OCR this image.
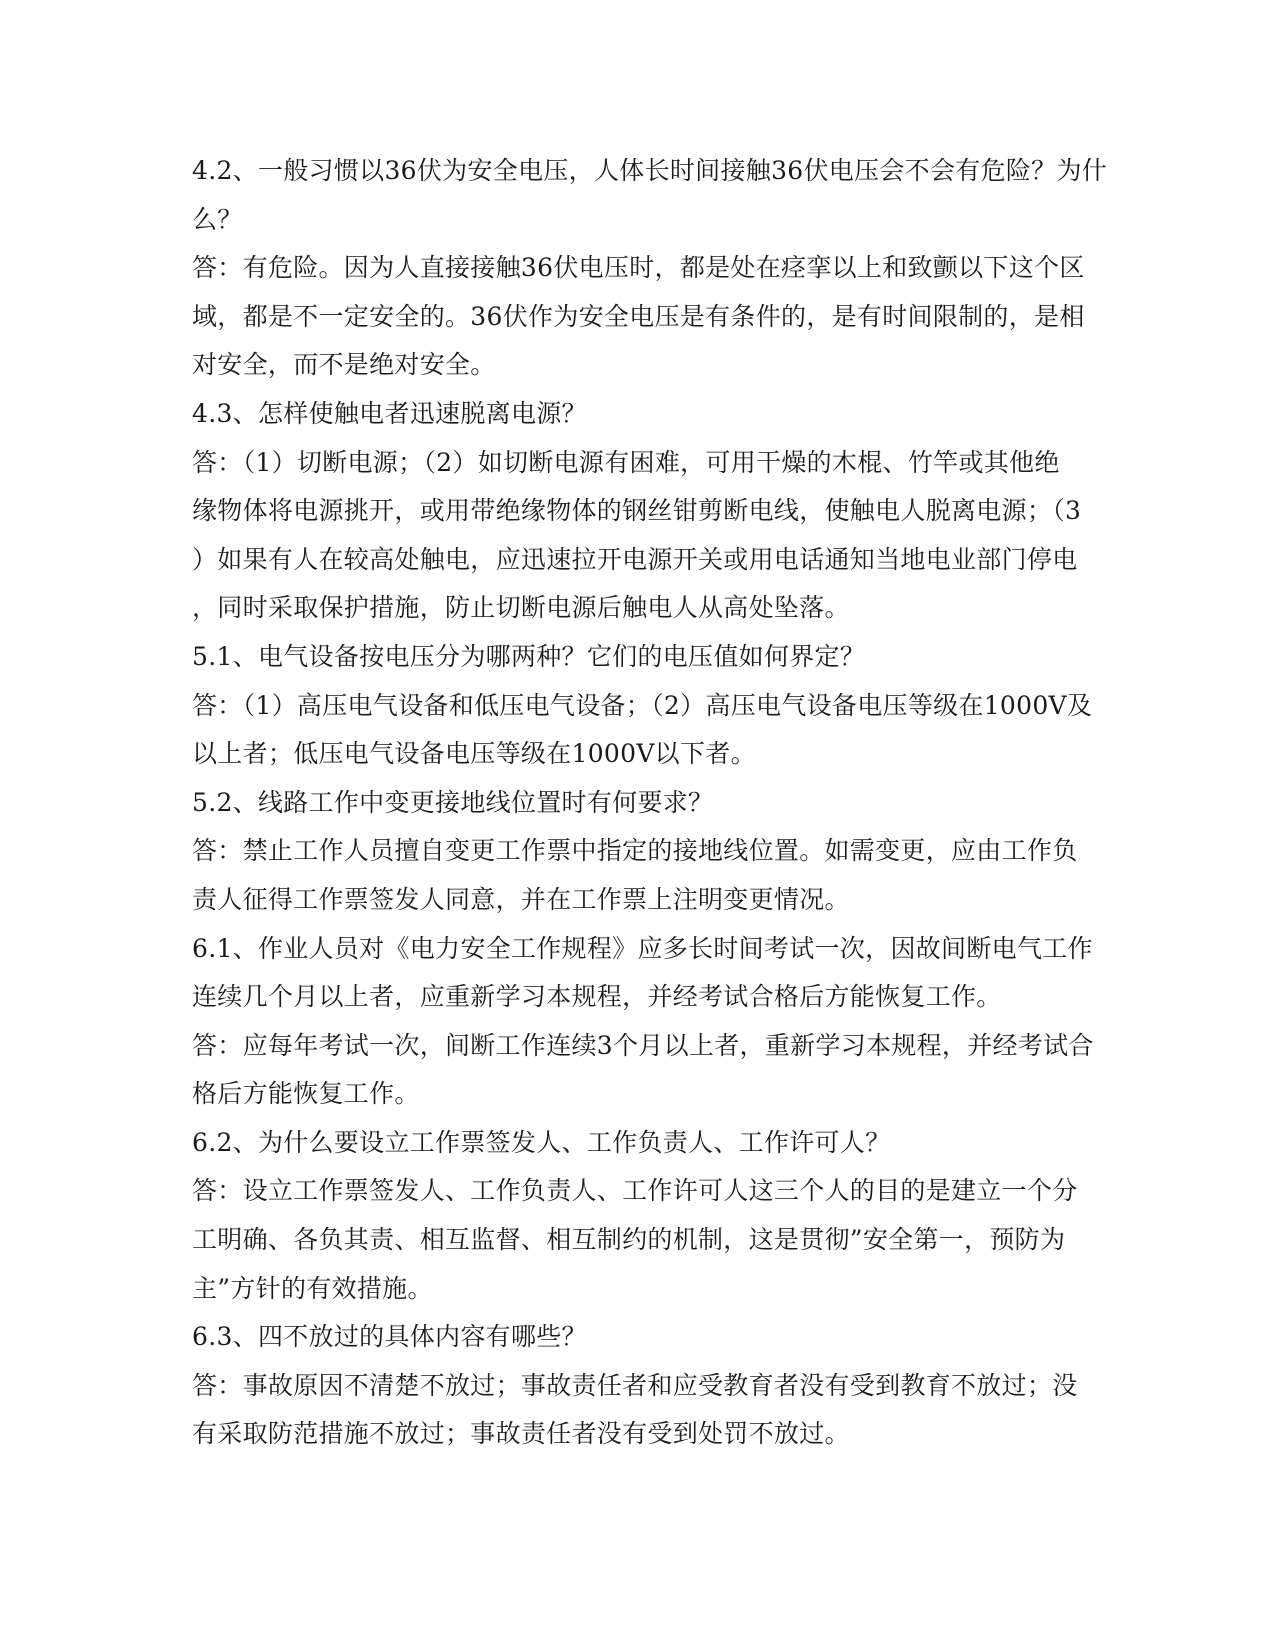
4.2、一般习惯以36伏为安全电压，人体长时间接触36伏电压会不会有危险？为什
么？
答：有危险。因为人直接接触36伏电压时，都是处在痉挛以上和致颤以下这个区
域，都是不一定安全的。36伏作为安全电压是有条件的，是有时间限制的，是相
对安全，而不是绝对安全。
4.3、怎样使触电者迅速脱离电源？
答：（1）切断电源；（2）如切断电源有困难，可用干燥的木棍、竹竿或其他绝
缘物体将电源挑开，或用带绝缘物体的钢丝钳剪断电线，使触电人脱离电源；（3
）如果有人在较高处触电，应迅速拉开电源开关或用电话通知当地电业部门停电
，同时采取保护措施，防止切断电源后触电人从高处坠落。
5.1、电气设备按电压分为哪两种？它们的电压值如何界定？
答：（1）高压电气设备和低压电气设备；（2）高压电气设备电压等级在1000V及
以上者；低压电气设备电压等级在1000V以下者。
5.2、线路工作中变更接地线位置时有何要求？
答：禁止工作人员擅自变更工作票中指定的接地线位置。如需变更，应由工作负
责人征得工作票签发人同意，并在工作票上注明变更情况。
6.1、作业人员对《电力安全工作规程》应多长时间考试一次，因故间断电气工作
连续几个月以上者，应重新学习本规程，并经考试合格后方能恢复工作。
答：应每年考试一次，间断工作连续3个月以上者，重新学习本规程，并经考试合
格后方能恢复工作。
6.2、为什么要设立工作票签发人、工作负责人、工作许可人？
答：设立工作票签发人、工作负责人、工作许可人这三个人的目的是建立一个分
工明确、各负其责、相互监督、相互制约的机制，这是贯彻”安全第一，预防为
主”方针的有效措施。
6.3、四不放过的具体内容有哪些？
答：事故原因不清楚不放过；事故责任者和应受教育者没有受到教育不放过；没
有采取防范措施不放过；事故责任者没有受到处罚不放过。
